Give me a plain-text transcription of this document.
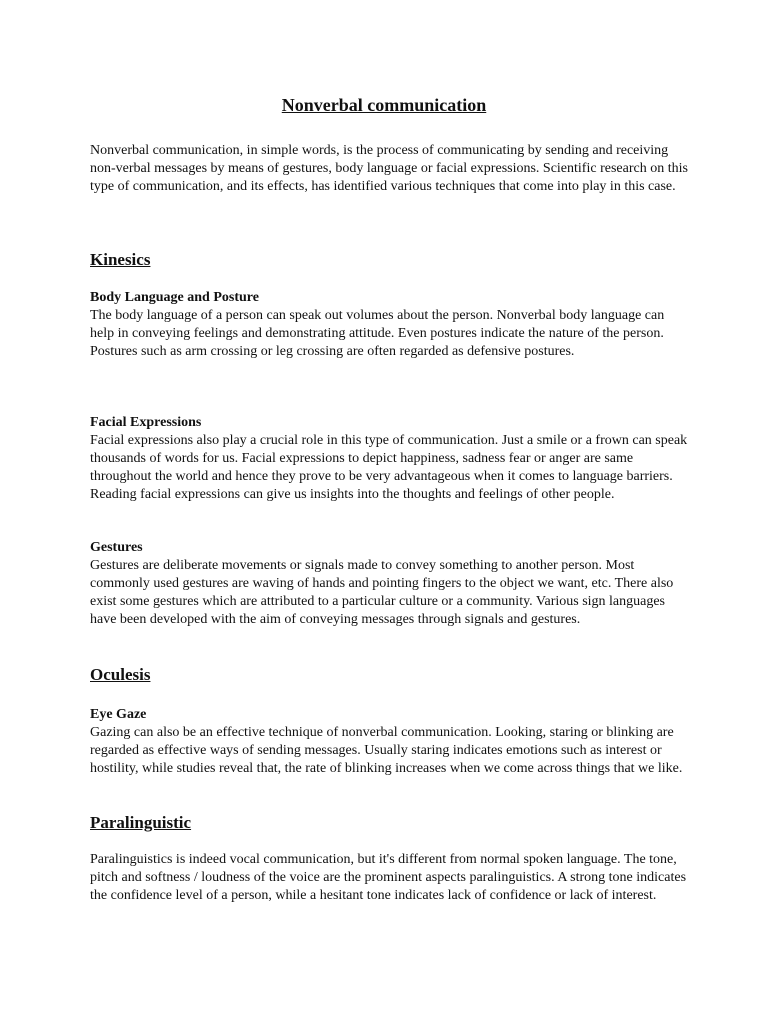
Nonverbal communication

Nonverbal communication, in simple words, is the process of communicating by sending and receiving non-verbal messages by means of gestures, body language or facial expressions. Scientific research on this type of communication, and its effects, has identified various techniques that come into play in this case.

Kinesics
Body Language and Posture

The body language of a person can speak out volumes about the person. Nonverbal body language can help in conveying feelings and demonstrating attitude. Even postures indicate the nature of the person. Postures such as arm crossing or leg crossing are often regarded as defensive postures.

Facial Expressions

Facial expressions also play a crucial role in this type of communication. Just a smile or a frown can speak thousands of words for us. Facial expressions to depict happiness, sadness fear or anger are same throughout the world and hence they prove to be very advantageous when it comes to language barriers. Reading facial expressions can give us insights into the thoughts and feelings of other people.

Gestures

Gestures are deliberate movements or signals made to convey something to another person. Most commonly used gestures are waving of hands and pointing fingers to the object we want, etc. There also exist some gestures which are attributed to a particular culture or a community. Various sign languages have been developed with the aim of conveying messages through signals and gestures.

Oculesis
Eye Gaze

Gazing can also be an effective technique of nonverbal communication. Looking, staring or blinking are regarded as effective ways of sending messages. Usually staring indicates emotions such as interest or hostility, while studies reveal that, the rate of blinking increases when we come across things that we like.

Paralinguistic

Paralinguistics is indeed vocal communication, but it's different from normal spoken language. The tone, pitch and softness / loudness of the voice are the prominent aspects paralinguistics. A strong tone indicates the confidence level of a person, while a hesitant tone indicates lack of confidence or lack of interest.
